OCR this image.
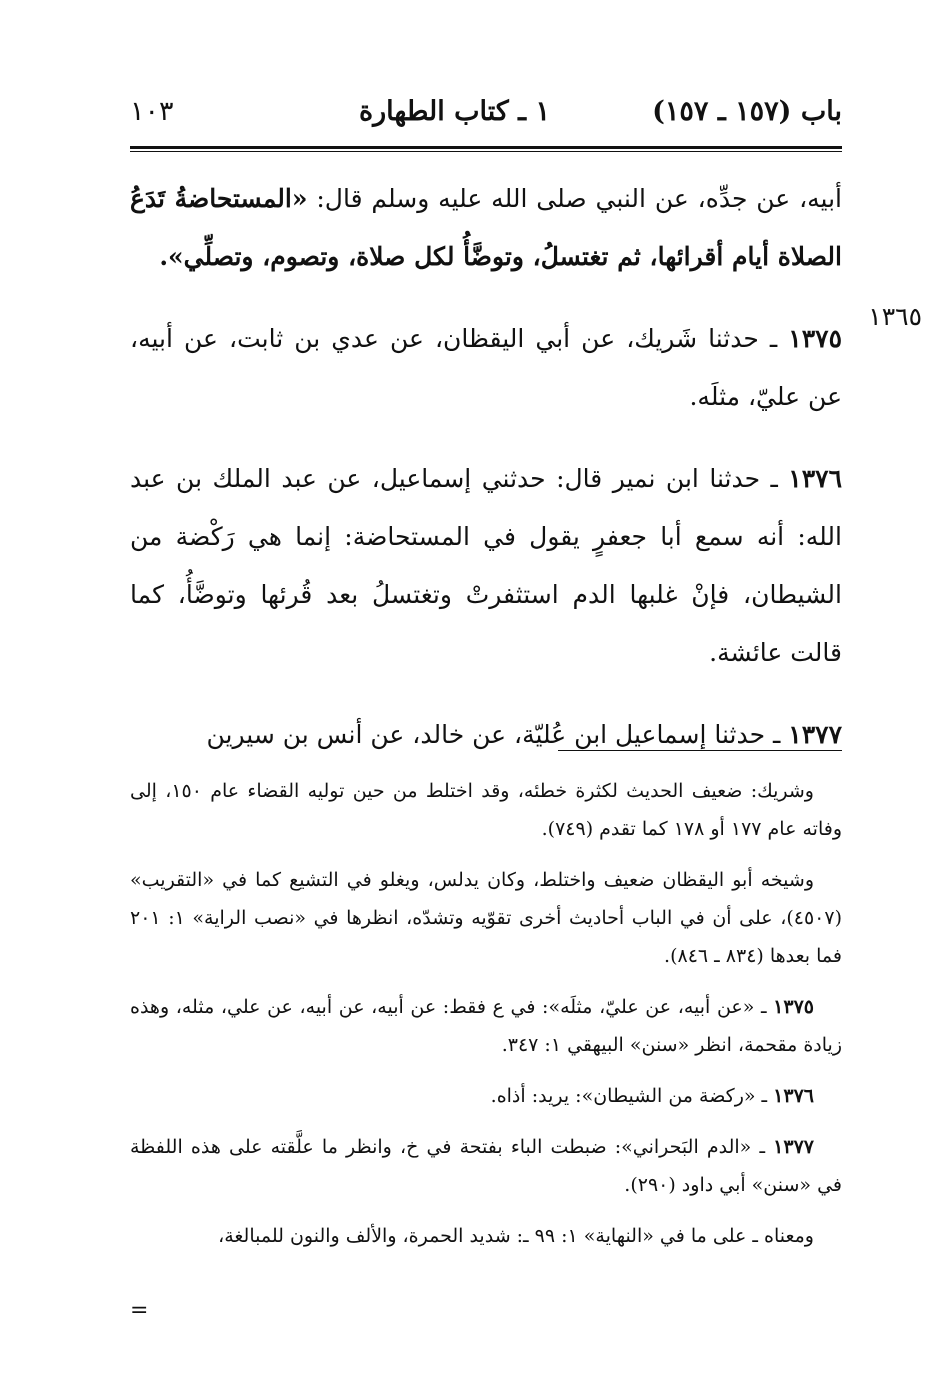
باب (١٥٧ ـ ١٥٧)
١ ـ كتاب الطهارة
١٠٣
١٣٦٥

أبيه، عن جدِّه، عن النبي صلى الله عليه وسلم قال: «المستحاضةُ تَدَعُ الصلاة أيام أقرائها، ثم تغتسلُ، وتوضَّأُ لكل صلاة، وتصوم، وتصلِّي».

١٣٧٥ ـ حدثنا شَريك، عن أبي اليقظان، عن عدي بن ثابت، عن أبيه، عن عليّ، مثلَه.

١٣٧٦ ـ حدثنا ابن نمير قال: حدثني إسماعيل، عن عبد الملك بن عبد الله: أنه سمع أبا جعفرٍ يقول في المستحاضة: إنما هي رَكْضة من الشيطان، فإنْ غلبها الدم استثفرتْ وتغتسلُ بعد قُرئها وتوضَّأُ، كما قالت عائشة.

١٣٧٧ ـ حدثنا إسماعيل ابن عُليّة، عن خالد، عن أنس بن سيرين

وشريك: ضعيف الحديث لكثرة خطئه، وقد اختلط من حين توليه القضاء عام ١٥٠، إلى وفاته عام ١٧٧ أو ١٧٨ كما تقدم (٧٤٩).

وشيخه أبو اليقظان ضعيف واختلط، وكان يدلس، ويغلو في التشيع كما في «التقريب» (٤٥٠٧)، على أن في الباب أحاديث أخرى تقوّيه وتشدّه، انظرها في «نصب الراية» ١: ٢٠١ فما بعدها (٨٣٤ ـ ٨٤٦).

١٣٧٥ ـ «عن أبيه، عن عليّ، مثلَه»: في ع فقط: عن أبيه، عن أبيه، عن علي، مثله، وهذه زيادة مقحمة، انظر «سنن» البيهقي ١: ٣٤٧.

١٣٧٦ ـ «ركضة من الشيطان»: يريد: أذاه.

١٣٧٧ ـ «الدم البَحراني»: ضبطت الباء بفتحة في خ، وانظر ما علَّقته على هذه اللفظة في «سنن» أبي داود (٢٩٠).

ومعناه ـ على ما في «النهاية» ١: ٩٩ ـ: شديد الحمرة، والألف والنون للمبالغة،

=
